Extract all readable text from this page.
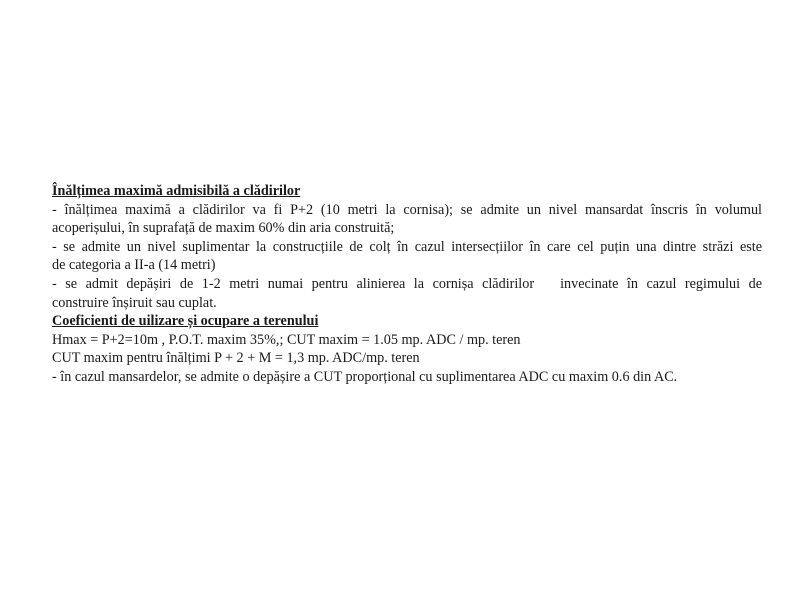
Înălțimea maximă admisibilă a clădirilor
- înălțimea maximă a clădirilor va fi P+2 (10 metri la cornisa); se admite un nivel mansardat înscris în volumul
acoperișului, în suprafață de maxim 60% din aria construită;
- se admite un nivel suplimentar la construcțiile de colț în cazul intersecțiilor în care cel puțin una dintre străzi este
de categoria a II-a (14 metri)
- se admit depășiri de 1-2 metri numai pentru alinierea la cornișa clădirilor invecinate în cazul regimului de
construire înșiruit sau cuplat.
Coeficienti de uilizare și ocupare a terenului
Hmax = P+2=10m , P.O.T. maxim 35%,; CUT maxim = 1.05 mp. ADC / mp. teren
CUT maxim pentru înălțimi P + 2 + M = 1,3 mp. ADC/mp. teren
- în cazul mansardelor, se admite o depășire a CUT proporțional cu suplimentarea ADC cu maxim 0.6 din AC.
